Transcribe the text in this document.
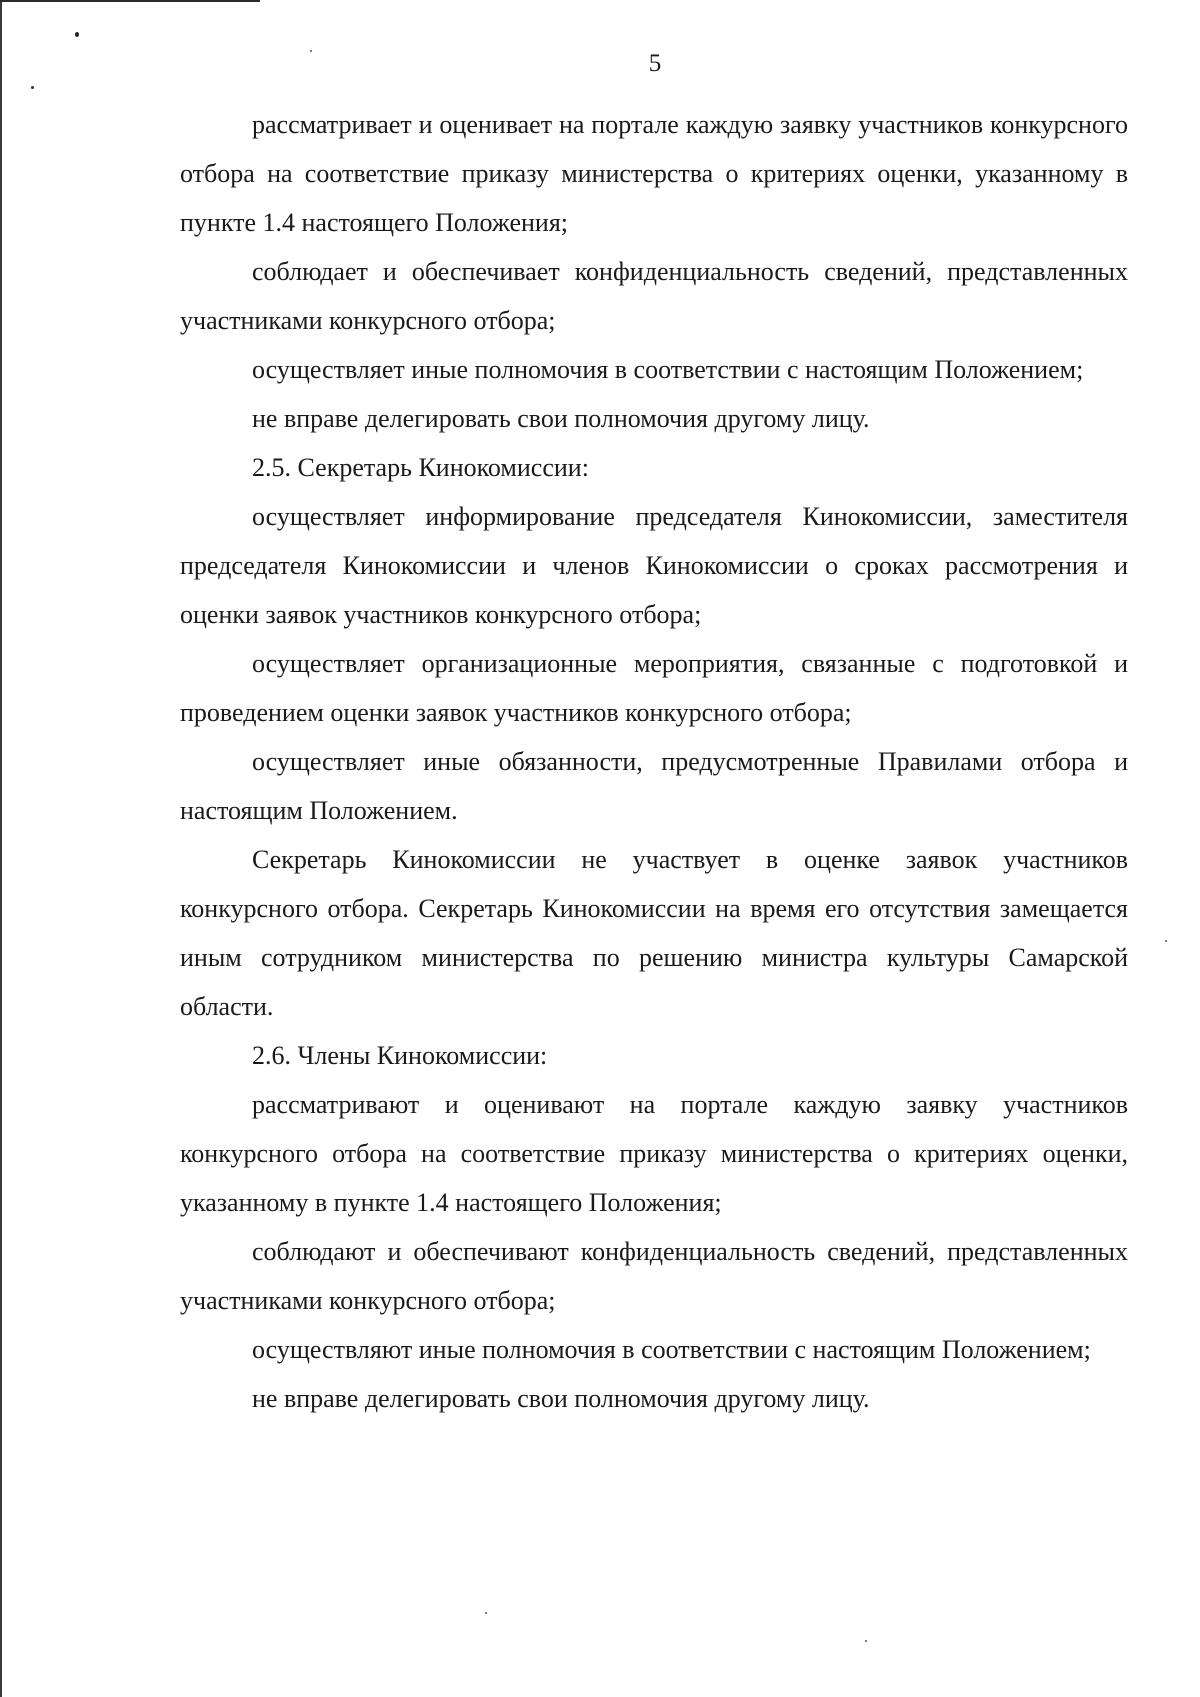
5

рассматривает и оценивает на портале каждую заявку участников конкурсного отбора на соответствие приказу министерства о критериях оценки, указанному в пункте 1.4 настоящего Положения;

соблюдает и обеспечивает конфиденциальность сведений, представленных участниками конкурсного отбора;

осуществляет иные полномочия в соответствии с настоящим Положением;

не вправе делегировать свои полномочия другому лицу.

2.5. Секретарь Кинокомиссии:

осуществляет информирование председателя Кинокомиссии, заместителя председателя Кинокомиссии и членов Кинокомиссии о сроках рассмотрения и оценки заявок участников конкурсного отбора;

осуществляет организационные мероприятия, связанные с подготовкой и проведением оценки заявок участников конкурсного отбора;

осуществляет иные обязанности, предусмотренные Правилами отбора и настоящим Положением.

Секретарь Кинокомиссии не участвует в оценке заявок участников конкурсного отбора. Секретарь Кинокомиссии на время его отсутствия замещается иным сотрудником министерства по решению министра культуры Самарской области.

2.6. Члены Кинокомиссии:

рассматривают и оценивают на портале каждую заявку участников конкурсного отбора на соответствие приказу министерства о критериях оценки, указанному в пункте 1.4 настоящего Положения;

соблюдают и обеспечивают конфиденциальность сведений, представленных участниками конкурсного отбора;

осуществляют иные полномочия в соответствии с настоящим Положением;

не вправе делегировать свои полномочия другому лицу.
